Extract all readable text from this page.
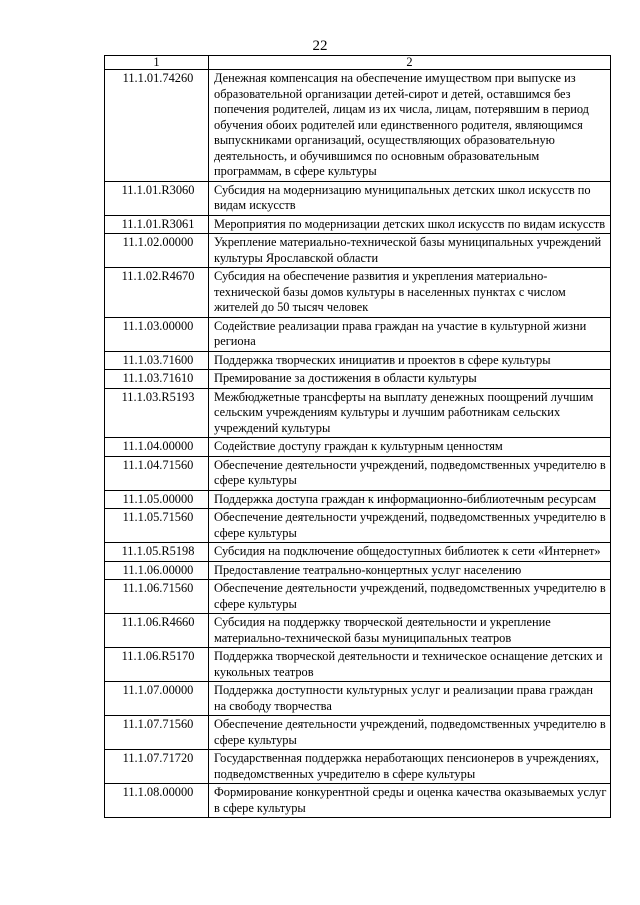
22
1	2
11.1.01.74260	Денежная компенсация на обеспечение имуществом при выпуске из образовательной организации детей-сирот и детей, оставшимся без попечения родителей, лицам из их числа, лицам, потерявшим в период обучения обоих родителей или единственного родителя, являющимся выпускниками организаций, осуществляющих образовательную деятельность, и обучившимся по основным образовательным программам, в сфере культуры
11.1.01.R3060	Субсидия на модернизацию муниципальных детских школ искусств по видам искусств
11.1.01.R3061	Мероприятия по модернизации детских школ искусств по видам искусств
11.1.02.00000	Укрепление материально-технической базы муниципальных учреждений культуры Ярославской области
11.1.02.R4670	Субсидия на обеспечение развития и укрепления материально-технической базы домов культуры в населенных пунктах с числом жителей до 50 тысяч человек
11.1.03.00000	Содействие реализации права граждан на участие в культурной жизни региона
11.1.03.71600	Поддержка творческих инициатив и проектов в сфере культуры
11.1.03.71610	Премирование за достижения в области культуры
11.1.03.R5193	Межбюджетные трансферты на выплату денежных поощрений лучшим сельским учреждениям культуры и лучшим работникам сельских учреждений культуры
11.1.04.00000	Содействие доступу граждан к культурным ценностям
11.1.04.71560	Обеспечение деятельности учреждений, подведомственных учредителю в сфере культуры
11.1.05.00000	Поддержка доступа граждан к информационно-библиотечным ресурсам
11.1.05.71560	Обеспечение деятельности учреждений, подведомственных учредителю в сфере культуры
11.1.05.R5198	Субсидия на подключение общедоступных библиотек к сети «Интернет»
11.1.06.00000	Предоставление театрально-концертных услуг населению
11.1.06.71560	Обеспечение деятельности учреждений, подведомственных учредителю в сфере культуры
11.1.06.R4660	Субсидия на поддержку творческой деятельности и укрепление материально-технической базы муниципальных театров
11.1.06.R5170	Поддержка творческой деятельности и техническое оснащение детских и кукольных театров
11.1.07.00000	Поддержка доступности культурных услуг и реализации права граждан на свободу творчества
11.1.07.71560	Обеспечение деятельности учреждений, подведомственных учредителю в сфере культуры
11.1.07.71720	Государственная поддержка неработающих пенсионеров в учреждениях, подведомственных учредителю в сфере культуры
11.1.08.00000	Формирование конкурентной среды и оценка качества оказываемых услуг в сфере культуры
